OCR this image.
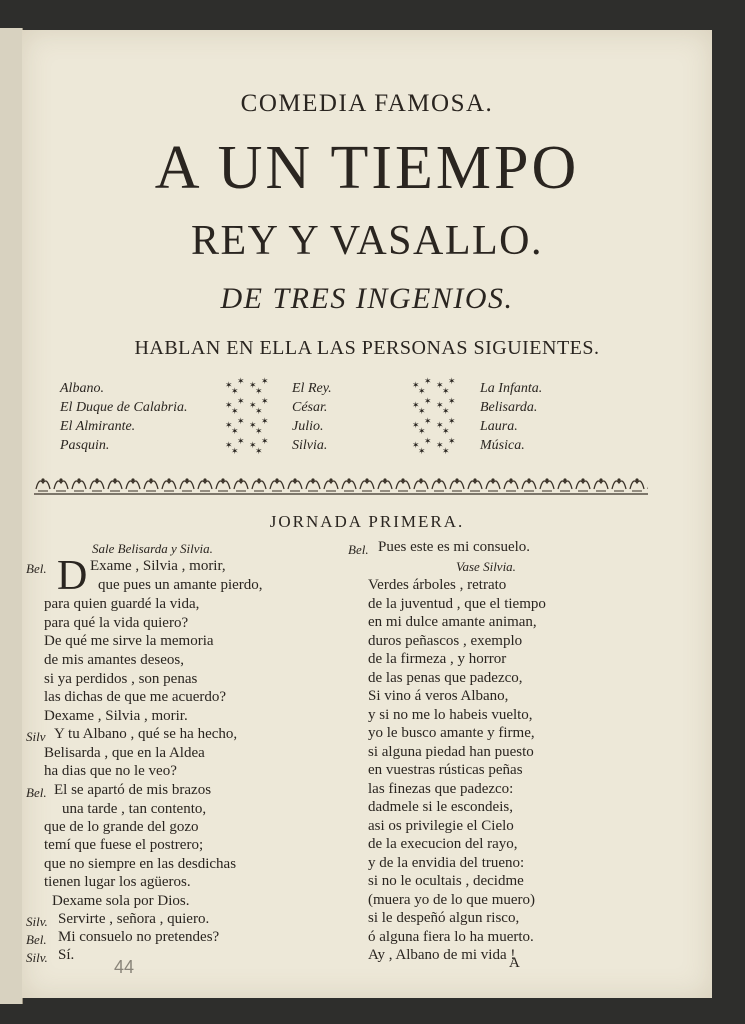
COMEDIA FAMOSA.
A UN TIEMPO
REY Y VASALLO.
DE TRES INGENIOS.
HABLAN EN ELLA LAS PERSONAS SIGUIENTES.
Albano.
El Duque de Calabria.
El Almirante.
Pasquin.
El Rey.
César.
Julio.
Silvia.
La Infanta.
Belisarda.
Laura.
Música.
✶ ✶ ✶ ✶
✶ ✶
✶ ✶ ✶ ✶
✶ ✶
✶ ✶ ✶ ✶
✶ ✶
✶ ✶ ✶ ✶
✶ ✶
✶ ✶ ✶ ✶
✶ ✶
✶ ✶ ✶ ✶
✶ ✶
✶ ✶ ✶ ✶
✶ ✶
✶ ✶ ✶ ✶
✶ ✶
JORNADA PRIMERA.
Sale Belisarda y Silvia.
Bel. D Exame , Silvia , morir,
que pues un amante pierdo,
para quien guardé la vida,
para qué la vida quiero?
De qué me sirve la memoria
de mis amantes deseos,
si ya perdidos , son penas
las dichas de que me acuerdo?
Dexame , Silvia , morir.
Silv Y tu Albano , qué se ha hecho,
Belisarda , que en la Aldea
ha dias que no le veo?
Bel. El se apartó de mis brazos
una tarde , tan contento,
que de lo grande del gozo
temí que fuese el postrero;
que no siempre en las desdichas
tienen lugar los agüeros.
Dexame sola por Dios.
Silv. Servirte , señora , quiero.
Bel. Mi consuelo no pretendes?
Silv. Sí.
Bel. Pues este es mi consuelo.
Vase Silvia.
Verdes árboles , retrato
de la juventud , que el tiempo
en mi dulce amante animan,
duros peñascos , exemplo
de la firmeza , y horror
de las penas que padezco,
Si vino á veros Albano,
y si no me lo habeis vuelto,
yo le busco amante y firme,
si alguna piedad han puesto
en vuestras rústicas peñas
las finezas que padezco:
dadmele si le escondeis,
asi os privilegie el Cielo
de la execucion del rayo,
y de la envidia del trueno:
si no le ocultais , decidme
(muera yo de lo que muero)
si le despeñó algun risco,
ó alguna fiera lo ha muerto.
Ay , Albano de mi vida !
A
44
